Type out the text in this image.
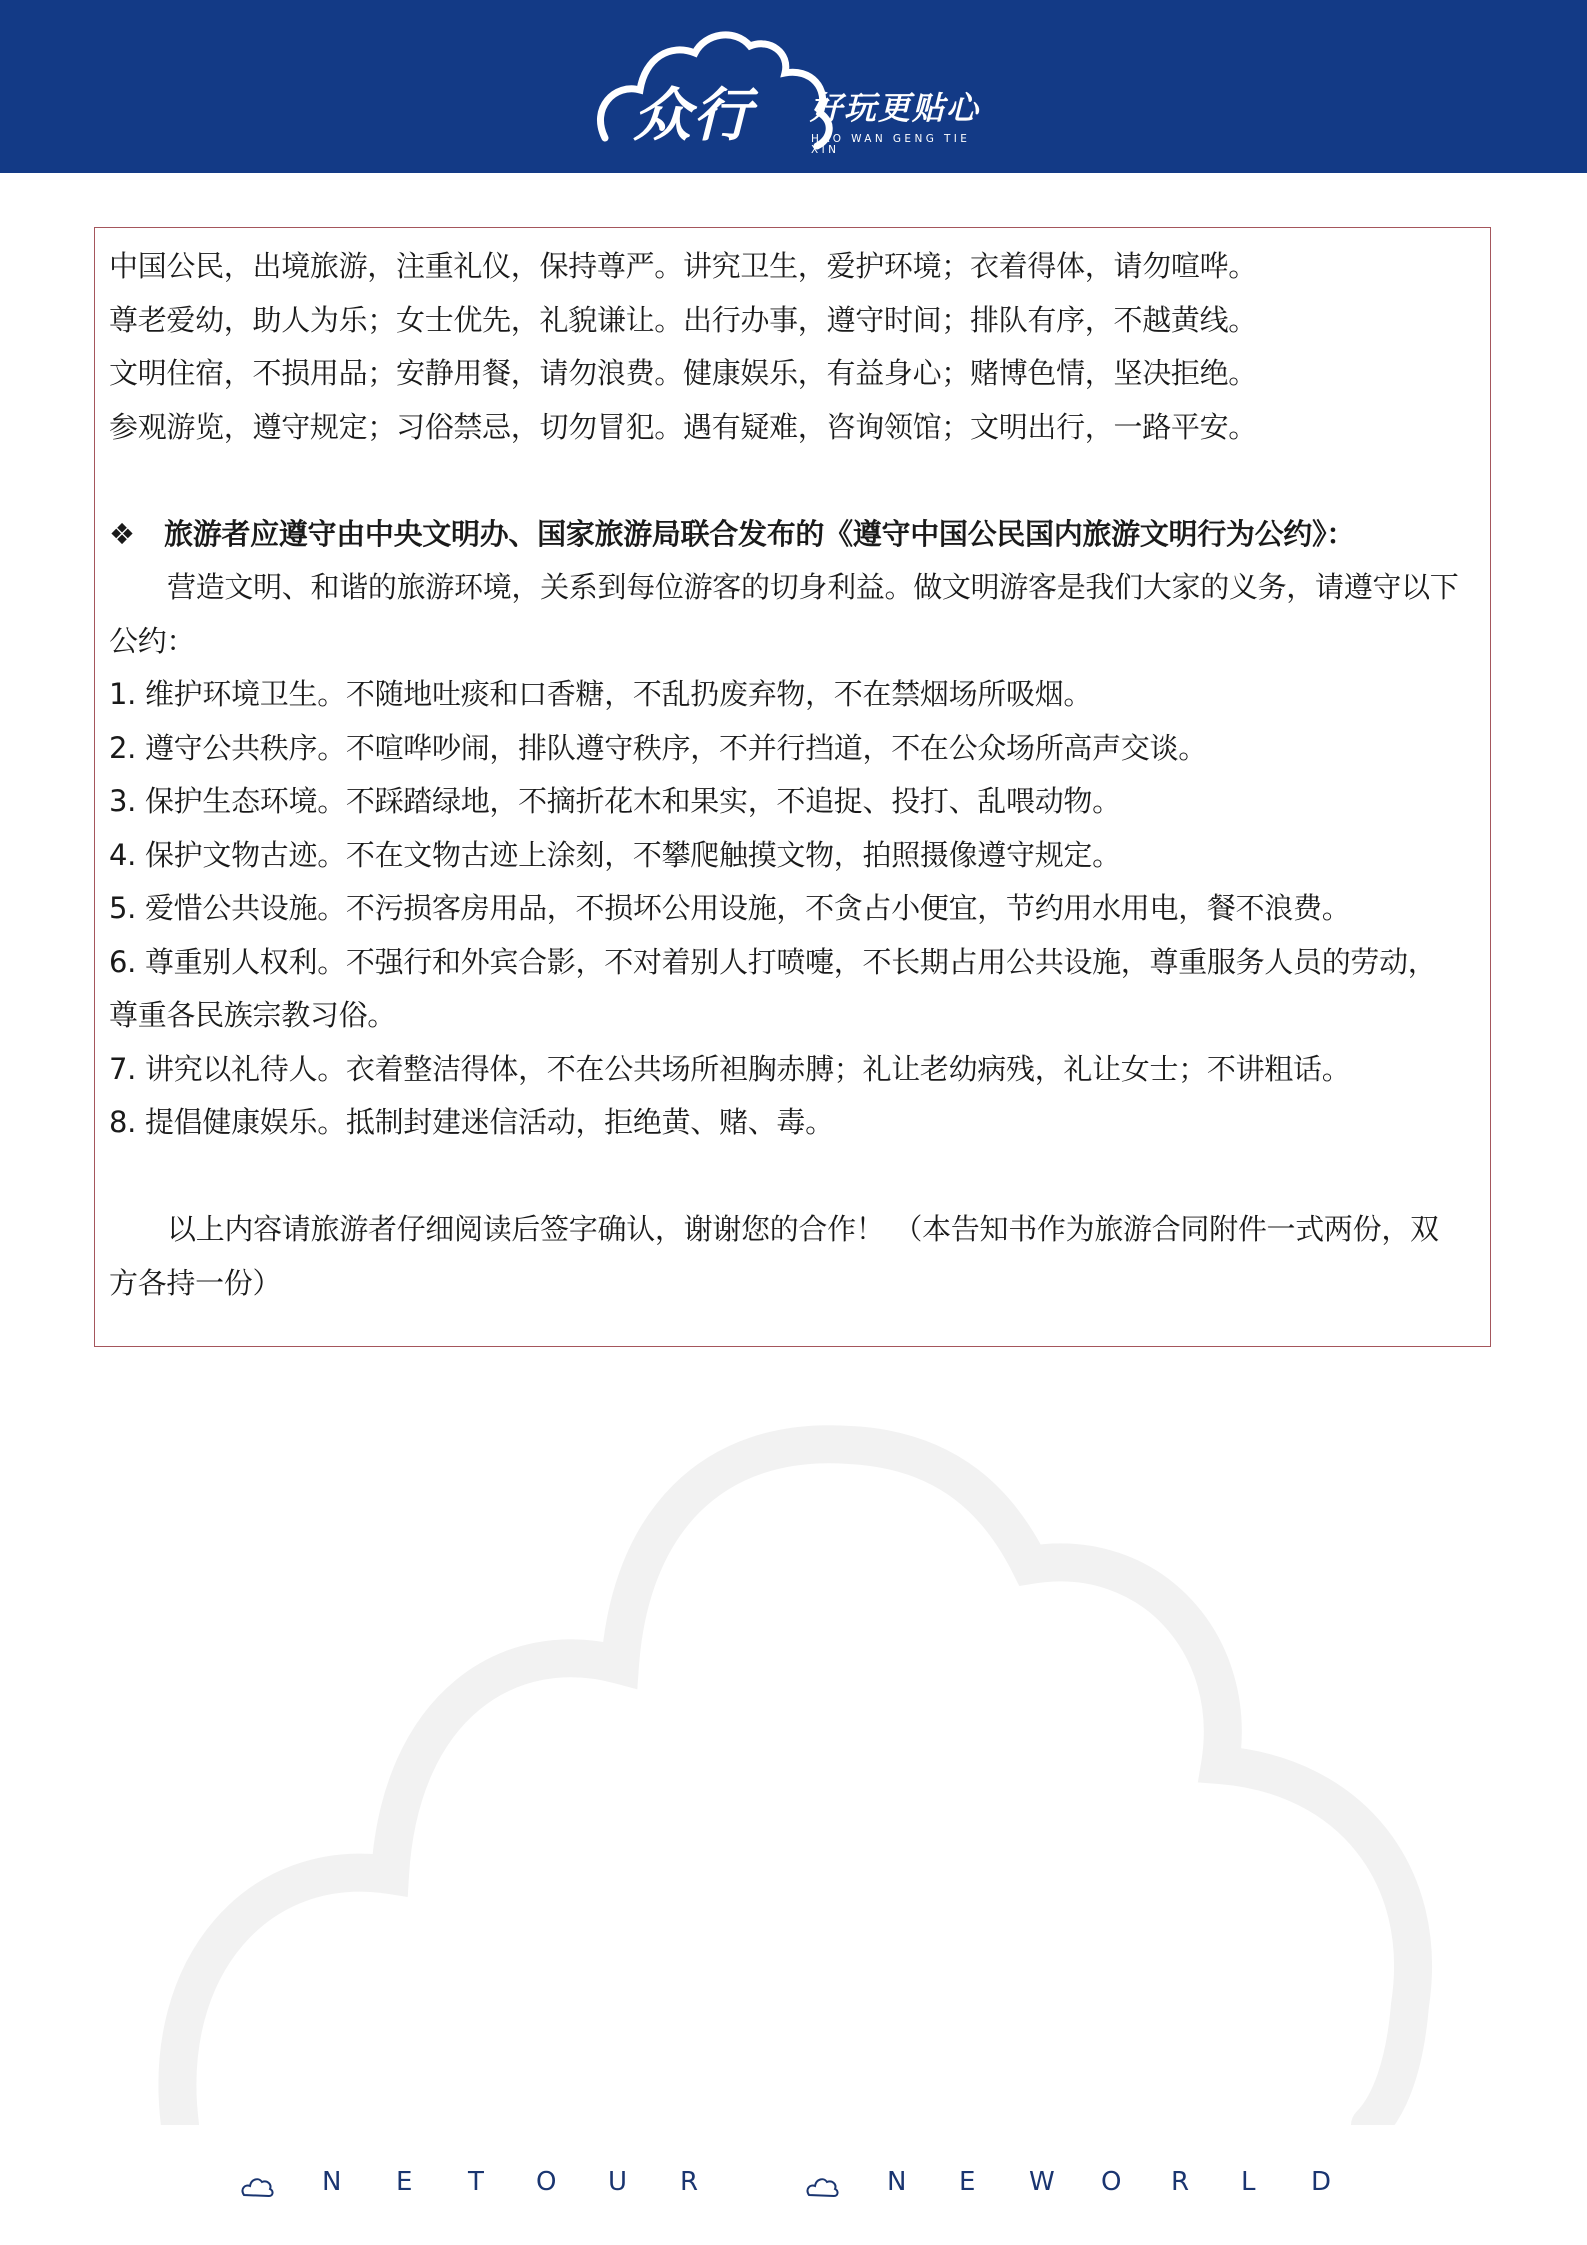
众行 好玩更贴心
HAO WAN GENG TIE XIN
中国公民，出境旅游，注重礼仪，保持尊严。讲究卫生，爱护环境；衣着得体，请勿喧哗。
尊老爱幼，助人为乐；女士优先，礼貌谦让。出行办事，遵守时间；排队有序，不越黄线。
文明住宿，不损用品；安静用餐，请勿浪费。健康娱乐，有益身心；赌博色情，坚决拒绝。
参观游览，遵守规定；习俗禁忌，切勿冒犯。遇有疑难，咨询领馆；文明出行，一路平安。
❖ 旅游者应遵守由中央文明办、国家旅游局联合发布的《遵守中国公民国内旅游文明行为公约》：
营造文明、和谐的旅游环境，关系到每位游客的切身利益。做文明游客是我们大家的义务，请遵守以下
公约：
1. 维护环境卫生。不随地吐痰和口香糖，不乱扔废弃物，不在禁烟场所吸烟。
2. 遵守公共秩序。不喧哗吵闹，排队遵守秩序，不并行挡道，不在公众场所高声交谈。
3. 保护生态环境。不踩踏绿地，不摘折花木和果实，不追捉、投打、乱喂动物。
4. 保护文物古迹。不在文物古迹上涂刻，不攀爬触摸文物，拍照摄像遵守规定。
5. 爱惜公共设施。不污损客房用品，不损坏公用设施，不贪占小便宜，节约用水用电，餐不浪费。
6. 尊重别人权利。不强行和外宾合影，不对着别人打喷嚏，不长期占用公共设施，尊重服务人员的劳动，
尊重各民族宗教习俗。
7. 讲究以礼待人。衣着整洁得体，不在公共场所袒胸赤膊；礼让老幼病残，礼让女士；不讲粗话。
8. 提倡健康娱乐。抵制封建迷信活动，拒绝黄、赌、毒。
以上内容请旅游者仔细阅读后签字确认，谢谢您的合作！ （本告知书作为旅游合同附件一式两份，双
方各持一份）
N E T O U R	N E W O R L D
